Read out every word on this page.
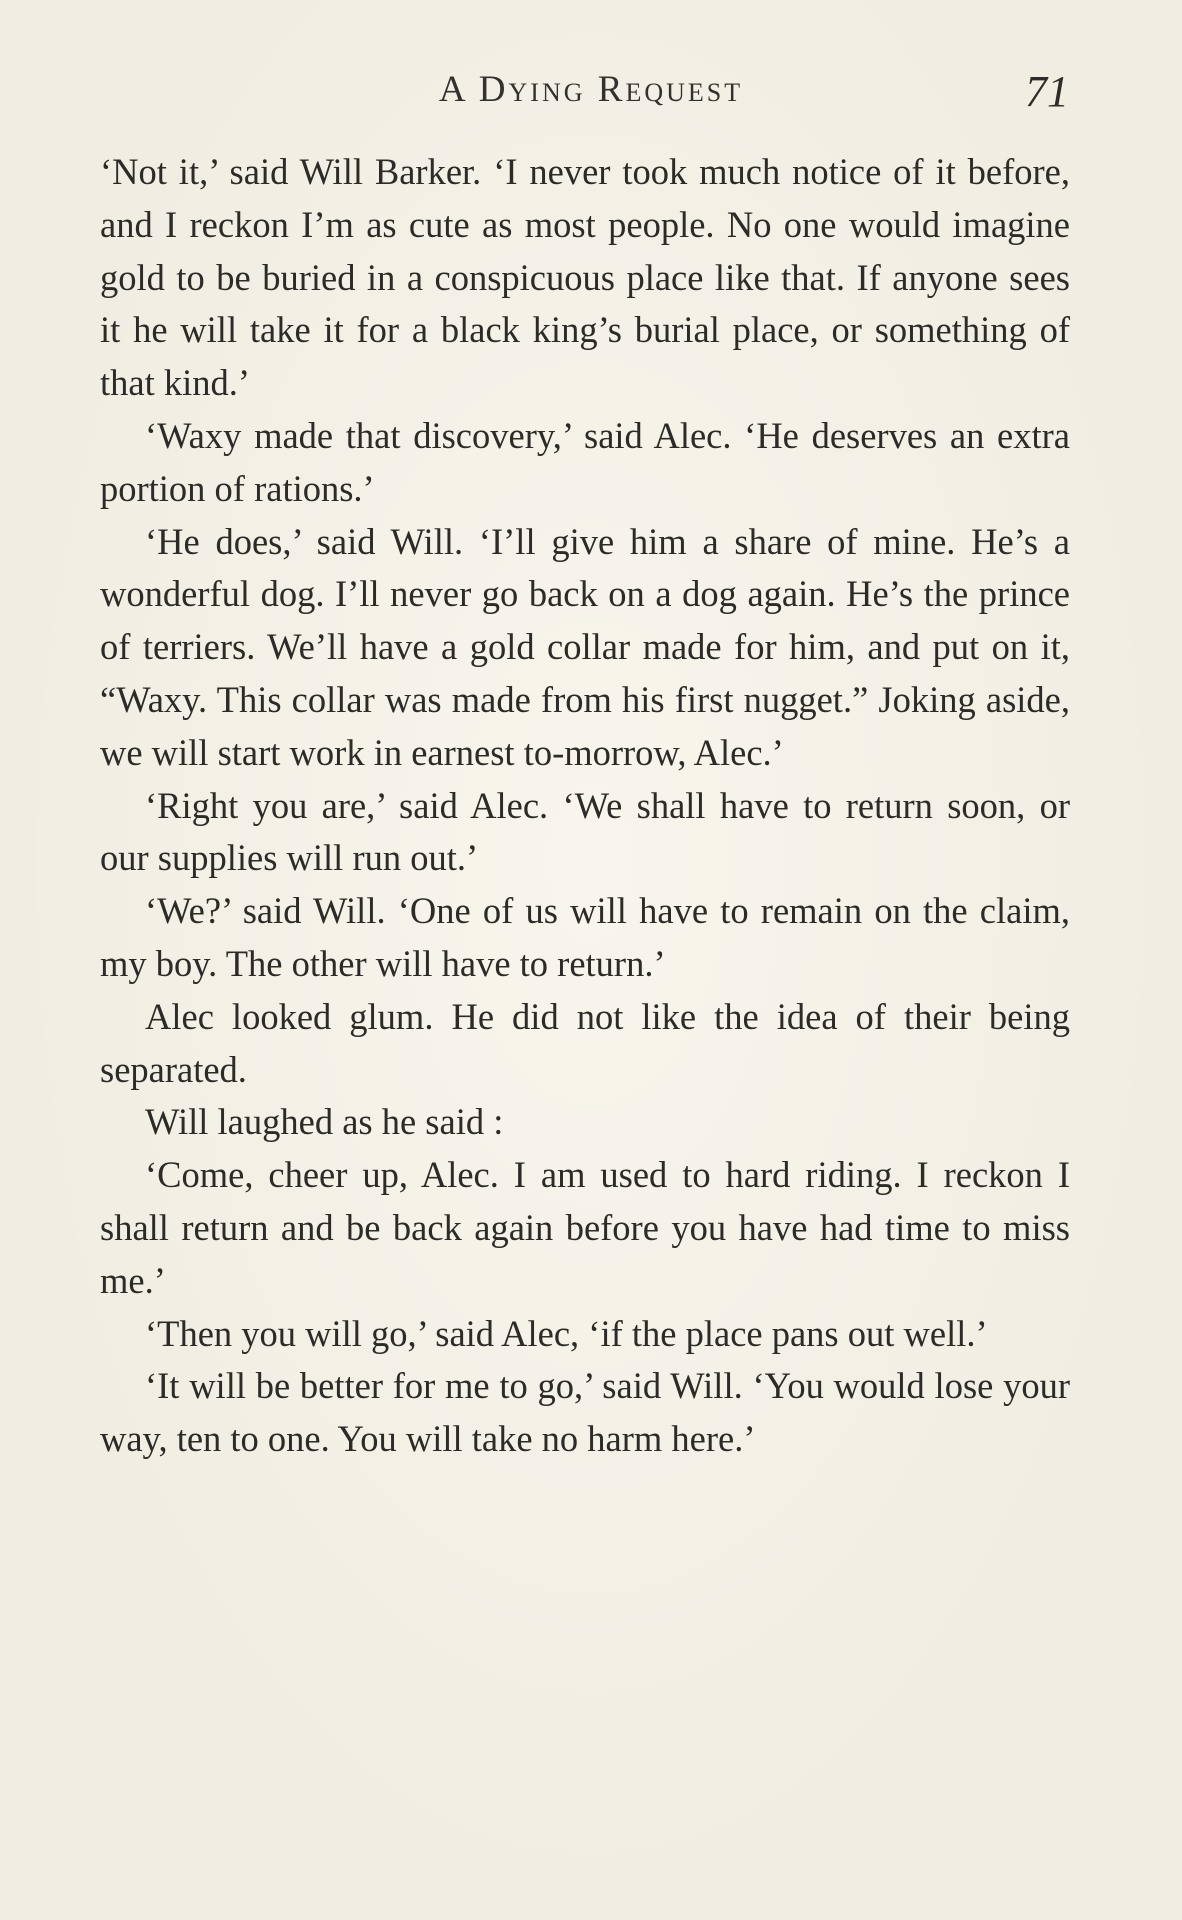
A Dying Request	71

‘Not it,’ said Will Barker. ‘I never took much notice of it before, and I reckon I’m as cute as most people. No one would imagine gold to be buried in a conspicuous place like that. If anyone sees it he will take it for a black king’s burial place, or something of that kind.’

‘Waxy made that discovery,’ said Alec. ‘He deserves an extra portion of rations.’

‘He does,’ said Will. ‘I’ll give him a share of mine. He’s a wonderful dog. I’ll never go back on a dog again. He’s the prince of terriers. We’ll have a gold collar made for him, and put on it, “Waxy. This collar was made from his first nugget.” Joking aside, we will start work in earnest to-morrow, Alec.’

‘Right you are,’ said Alec. ‘We shall have to return soon, or our supplies will run out.’

‘We?’ said Will. ‘One of us will have to remain on the claim, my boy. The other will have to return.’

Alec looked glum. He did not like the idea of their being separated.

Will laughed as he said :

‘Come, cheer up, Alec. I am used to hard riding. I reckon I shall return and be back again before you have had time to miss me.’

‘Then you will go,’ said Alec, ‘if the place pans out well.’

‘It will be better for me to go,’ said Will. ‘You would lose your way, ten to one. You will take no harm here.’
